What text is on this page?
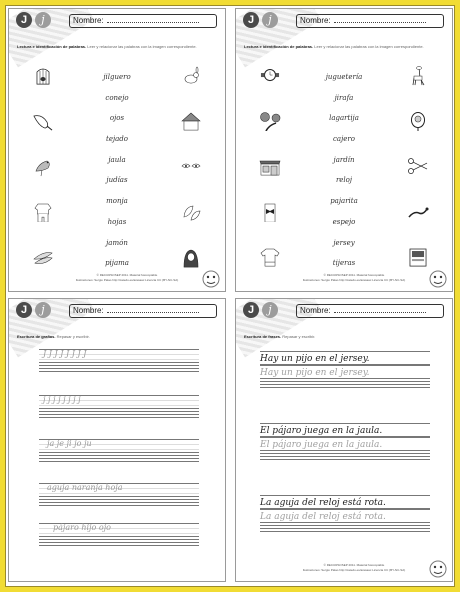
J	j	Nombre:
Lectura e identificación de palabras. Leer y relacionar las palabras con la imagen correspondiente.

jilguero
conejo
ojos
tejado
jaula
judías
monja
hojas
jamón
pijama

© RECURSOSEP 2011. Material fotocopiable
Ilustraciones: Sergio Palao http://catedu.es/arasaac Licencia CC (BY-NC-SA)
J	j	Nombre:
Lectura e identificación de palabras. Leer y relacionar las palabras con la imagen correspondiente.

juguetería
jirafa
lagartija
cajero
jardín
reloj
pajarita
espejo
jersey
tijeras

© RECURSOSEP 2011. Material fotocopiable
Ilustraciones: Sergio Palao http://catedu.es/arasaac Licencia CC (BY-NC-SA)
J	j	Nombre:
Escritura de grafías. Repasar y escribir.
J J J J J J J J
j j j j j j j j
ja je ji jo ju
aguja naranja hoja
pájaro hijo ojo
J	j	Nombre:
Escritura de frases. Repasar y escribir.
Hay un pijo en el jersey.
Hay un pijo en el jersey.
El pájaro juega en la jaula.
El pájaro juega en la jaula.
La aguja del reloj está rota.
La aguja del reloj está rota.
© RECURSOSEP 2011. Material fotocopiable
Ilustraciones: Sergio Palao http://catedu.es/arasaac Licencia CC (BY-NC-SA)
